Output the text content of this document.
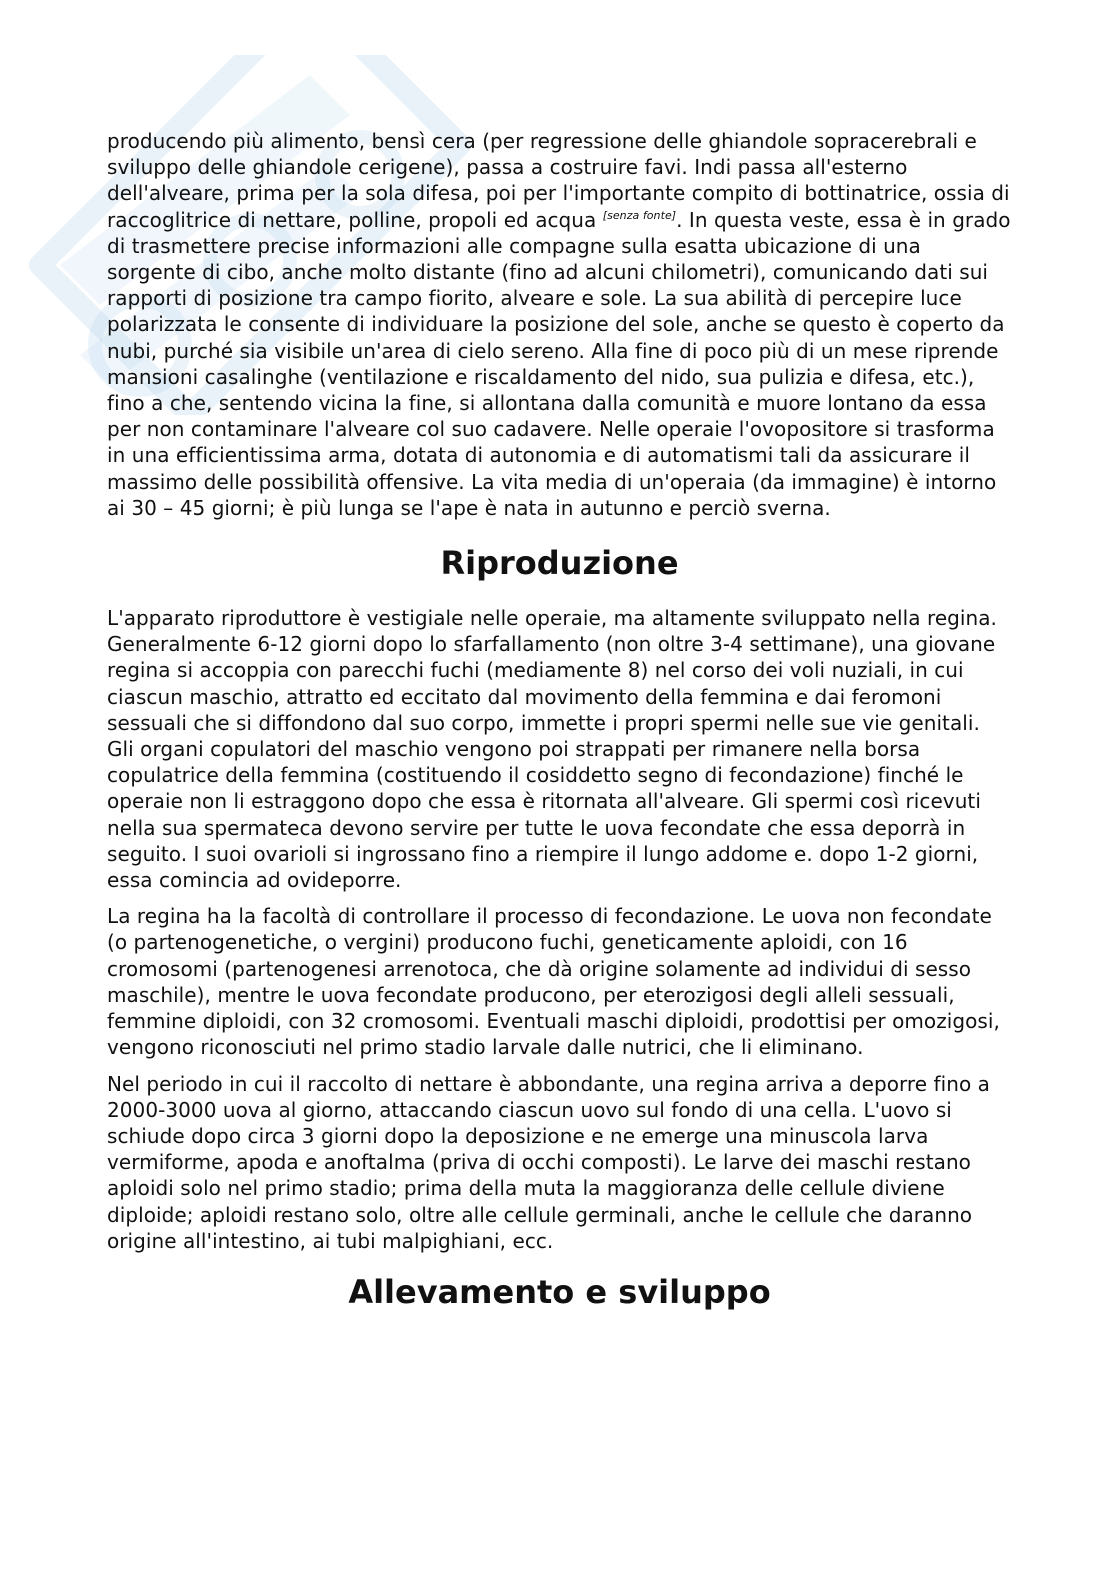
producendo più alimento, bensì cera (per regressione delle ghiandole sopracerebrali e sviluppo delle ghiandole cerigene), passa a costruire favi. Indi passa all'esterno dell'alveare, prima per la sola difesa, poi per l'importante compito di bottinatrice, ossia di raccoglitrice di nettare, polline, propoli ed acqua [senza fonte]. In questa veste, essa è in grado di trasmettere precise informazioni alle compagne sulla esatta ubicazione di una sorgente di cibo, anche molto distante (fino ad alcuni chilometri), comunicando dati sui rapporti di posizione tra campo fiorito, alveare e sole. La sua abilità di percepire luce polarizzata le consente di individuare la posizione del sole, anche se questo è coperto da nubi, purché sia visibile un'area di cielo sereno. Alla fine di poco più di un mese riprende mansioni casalinghe (ventilazione e riscaldamento del nido, sua pulizia e difesa, etc.), fino a che, sentendo vicina la fine, si allontana dalla comunità e muore lontano da essa per non contaminare l'alveare col suo cadavere. Nelle operaie l'ovopositore si trasforma in una efficientissima arma, dotata di autonomia e di automatismi tali da assicurare il massimo delle possibilità offensive. La vita media di un'operaia (da immagine) è intorno ai 30 – 45 giorni; è più lunga se l'ape è nata in autunno e perciò sverna.

Riproduzione

L'apparato riproduttore è vestigiale nelle operaie, ma altamente sviluppato nella regina. Generalmente 6-12 giorni dopo lo sfarfallamento (non oltre 3-4 settimane), una giovane regina si accoppia con parecchi fuchi (mediamente 8) nel corso dei voli nuziali, in cui ciascun maschio, attratto ed eccitato dal movimento della femmina e dai feromoni sessuali che si diffondono dal suo corpo, immette i propri spermi nelle sue vie genitali. Gli organi copulatori del maschio vengono poi strappati per rimanere nella borsa copulatrice della femmina (costituendo il cosiddetto segno di fecondazione) finché le operaie non li estraggono dopo che essa è ritornata all'alveare. Gli spermi così ricevuti nella sua spermateca devono servire per tutte le uova fecondate che essa deporrà in seguito. I suoi ovarioli si ingrossano fino a riempire il lungo addome e. dopo 1-2 giorni, essa comincia ad ovideporre.

La regina ha la facoltà di controllare il processo di fecondazione. Le uova non fecondate (o partenogenetiche, o vergini) producono fuchi, geneticamente aploidi, con 16 cromosomi (partenogenesi arrenotoca, che dà origine solamente ad individui di sesso maschile), mentre le uova fecondate producono, per eterozigosi degli alleli sessuali, femmine diploidi, con 32 cromosomi. Eventuali maschi diploidi, prodottisi per omozigosi, vengono riconosciuti nel primo stadio larvale dalle nutrici, che li eliminano.

Nel periodo in cui il raccolto di nettare è abbondante, una regina arriva a deporre fino a 2000-3000 uova al giorno, attaccando ciascun uovo sul fondo di una cella. L'uovo si schiude dopo circa 3 giorni dopo la deposizione e ne emerge una minuscola larva vermiforme, apoda e anoftalma (priva di occhi composti). Le larve dei maschi restano aploidi solo nel primo stadio; prima della muta la maggioranza delle cellule diviene diploide; aploidi restano solo, oltre alle cellule germinali, anche le cellule che daranno origine all'intestino, ai tubi malpighiani, ecc.

Allevamento e sviluppo
